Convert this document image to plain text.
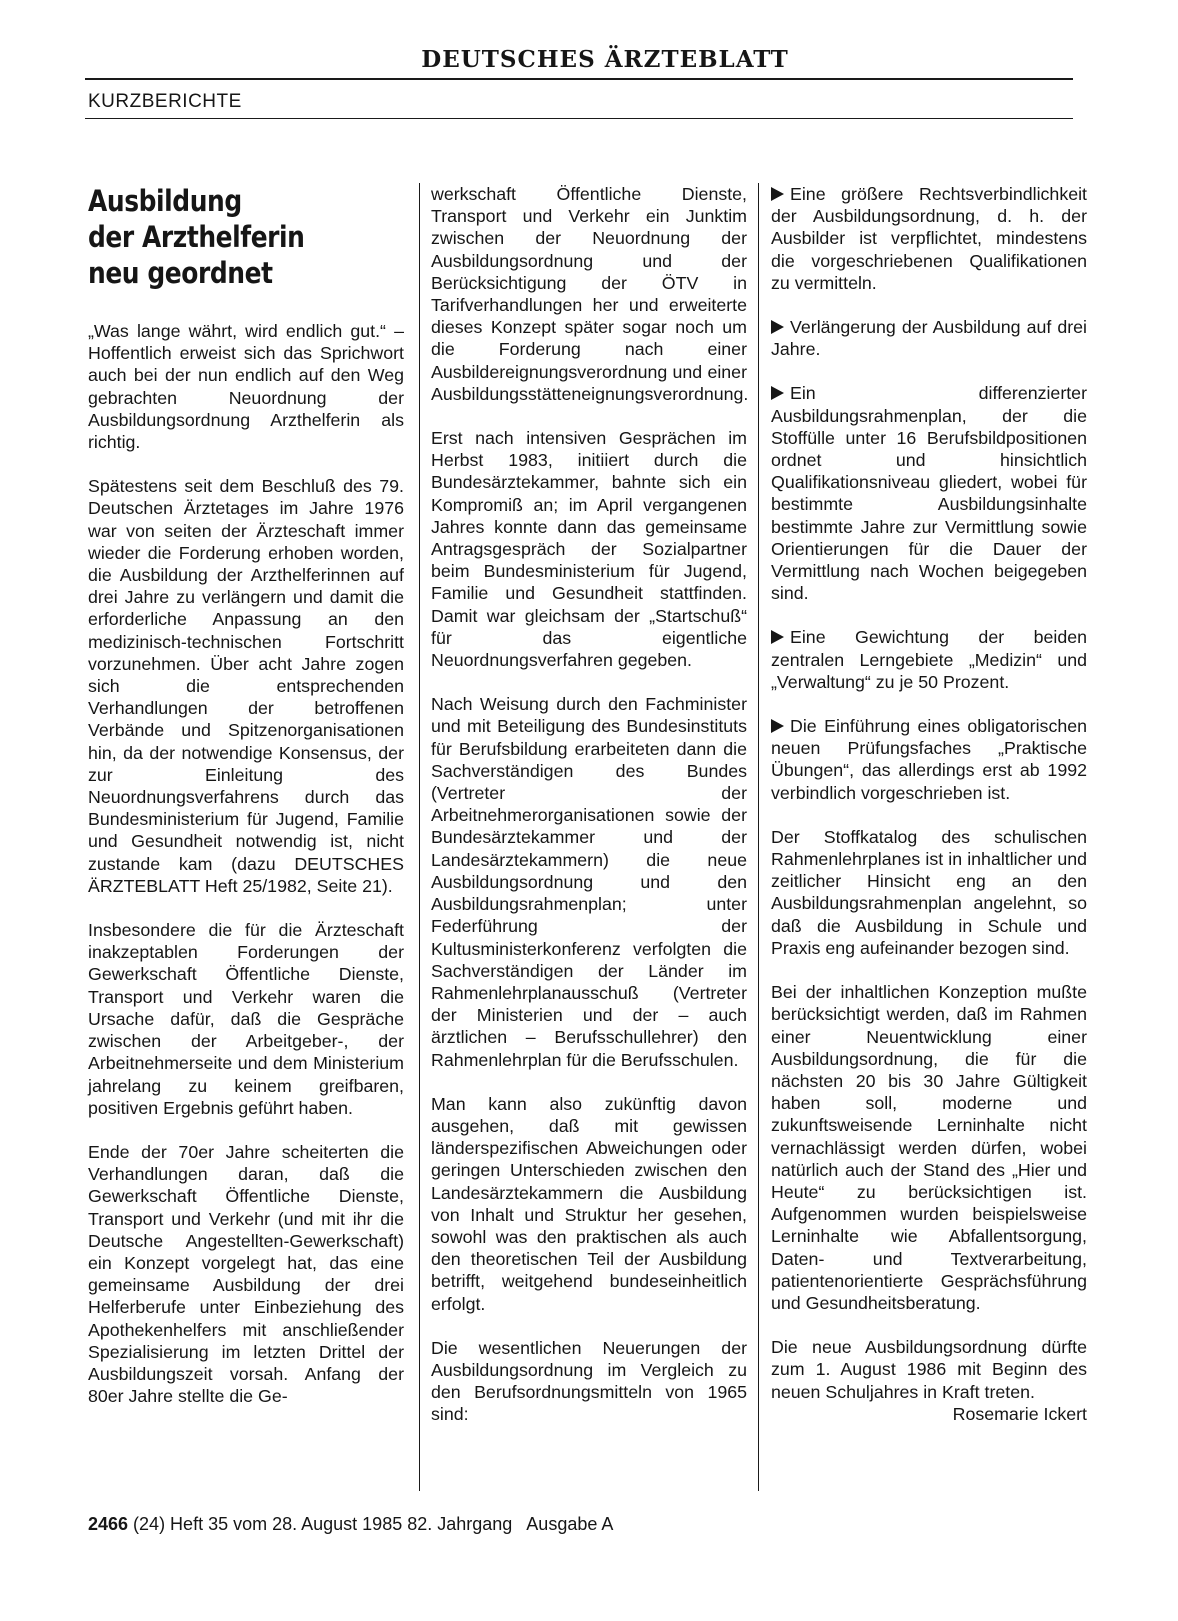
DEUTSCHES ÄRZTEBLATT
KURZBERICHTE
Ausbildung
der Arzthelferin
neu geordnet

„Was lange währt, wird endlich gut.“ – Hoffentlich erweist sich das Sprichwort auch bei der nun endlich auf den Weg gebrachten Neuordnung der Ausbildungsordnung Arzthelferin als richtig.

Spätestens seit dem Beschluß des 79. Deutschen Ärztetages im Jahre 1976 war von seiten der Ärzteschaft immer wieder die Forderung erhoben worden, die Ausbildung der Arzthelferinnen auf drei Jahre zu verlängern und damit die erforderliche Anpassung an den medizinisch-technischen Fortschritt vorzunehmen. Über acht Jahre zogen sich die entsprechenden Verhandlungen der betroffenen Verbände und Spitzenorganisationen hin, da der notwendige Konsensus, der zur Einleitung des Neuordnungsverfahrens durch das Bundesministerium für Jugend, Familie und Gesundheit notwendig ist, nicht zustande kam (dazu DEUTSCHES ÄRZTEBLATT Heft 25/1982, Seite 21).

Insbesondere die für die Ärzteschaft inakzeptablen Forderungen der Gewerkschaft Öffentliche Dienste, Transport und Verkehr waren die Ursache dafür, daß die Gespräche zwischen der Arbeitgeber-, der Arbeitnehmerseite und dem Ministerium jahrelang zu keinem greifbaren, positiven Ergebnis geführt haben.

Ende der 70er Jahre scheiterten die Verhandlungen daran, daß die Gewerkschaft Öffentliche Dienste, Transport und Verkehr (und mit ihr die Deutsche Angestellten-Gewerkschaft) ein Konzept vorgelegt hat, das eine gemeinsame Ausbildung der drei Helferberufe unter Einbeziehung des Apothekenhelfers mit anschließender Spezialisierung im letzten Drittel der Ausbildungszeit vorsah. Anfang der 80er Jahre stellte die Ge-

werkschaft Öffentliche Dienste, Transport und Verkehr ein Junktim zwischen der Neuordnung der Ausbildungsordnung und der Berücksichtigung der ÖTV in Tarifverhandlungen her und erweiterte dieses Konzept später sogar noch um die Forderung nach einer Ausbildereignungsverordnung und einer Ausbildungsstätteneignungsverordnung.

Erst nach intensiven Gesprächen im Herbst 1983, initiiert durch die Bundesärztekammer, bahnte sich ein Kompromiß an; im April vergangenen Jahres konnte dann das gemeinsame Antragsgespräch der Sozialpartner beim Bundesministerium für Jugend, Familie und Gesundheit stattfinden. Damit war gleichsam der „Startschuß“ für das eigentliche Neuordnungsverfahren gegeben.

Nach Weisung durch den Fachminister und mit Beteiligung des Bundesinstituts für Berufsbildung erarbeiteten dann die Sachverständigen des Bundes (Vertreter der Arbeitnehmerorganisationen sowie der Bundesärztekammer und der Landesärztekammern) die neue Ausbildungsordnung und den Ausbildungsrahmenplan; unter Federführung der Kultusministerkonferenz verfolgten die Sachverständigen der Länder im Rahmenlehrplanausschuß (Vertreter der Ministerien und der – auch ärztlichen – Berufsschullehrer) den Rahmenlehrplan für die Berufsschulen.

Man kann also zukünftig davon ausgehen, daß mit gewissen länderspezifischen Abweichungen oder geringen Unterschieden zwischen den Landesärztekammern die Ausbildung von Inhalt und Struktur her gesehen, sowohl was den praktischen als auch den theoretischen Teil der Ausbildung betrifft, weitgehend bundeseinheitlich erfolgt.

Die wesentlichen Neuerungen der Ausbildungsordnung im Vergleich zu den Berufsordnungsmitteln von 1965 sind:

Eine größere Rechtsverbindlichkeit der Ausbildungsordnung, d. h. der Ausbilder ist verpflichtet, mindestens die vorgeschriebenen Qualifikationen zu vermitteln.

Verlängerung der Ausbildung auf drei Jahre.

Ein differenzierter Ausbildungsrahmenplan, der die Stoffülle unter 16 Berufsbildpositionen ordnet und hinsichtlich Qualifikationsniveau gliedert, wobei für bestimmte Ausbildungsinhalte bestimmte Jahre zur Vermittlung sowie Orientierungen für die Dauer der Vermittlung nach Wochen beigegeben sind.

Eine Gewichtung der beiden zentralen Lerngebiete „Medizin“ und „Verwaltung“ zu je 50 Prozent.

Die Einführung eines obligatorischen neuen Prüfungsfaches „Praktische Übungen“, das allerdings erst ab 1992 verbindlich vorgeschrieben ist.

Der Stoffkatalog des schulischen Rahmenlehrplanes ist in inhaltlicher und zeitlicher Hinsicht eng an den Ausbildungsrahmenplan angelehnt, so daß die Ausbildung in Schule und Praxis eng aufeinander bezogen sind.

Bei der inhaltlichen Konzeption mußte berücksichtigt werden, daß im Rahmen einer Neuentwicklung einer Ausbildungsordnung, die für die nächsten 20 bis 30 Jahre Gültigkeit haben soll, moderne und zukunftsweisende Lerninhalte nicht vernachlässigt werden dürfen, wobei natürlich auch der Stand des „Hier und Heute“ zu berücksichtigen ist. Aufgenommen wurden beispielsweise Lerninhalte wie Abfallentsorgung, Daten- und Textverarbeitung, patientenorientierte Gesprächsführung und Gesundheitsberatung.

Die neue Ausbildungsordnung dürfte zum 1. August 1986 mit Beginn des neuen Schuljahres in Kraft treten.
Rosemarie Ickert

2466 (24) Heft 35 vom 28. August 1985 82. Jahrgang   Ausgabe A
